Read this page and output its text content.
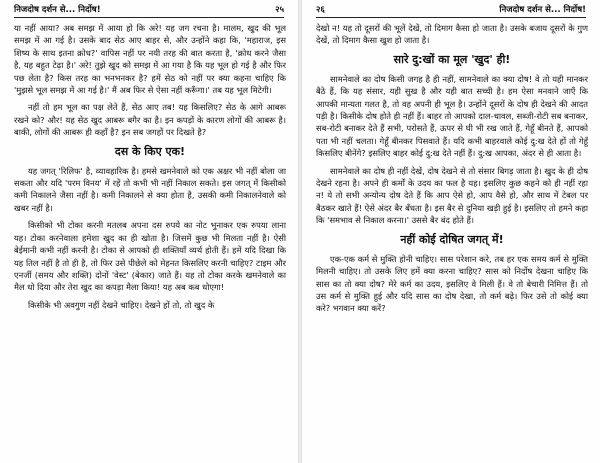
निजदोष दर्शन से... निर्दोष!	२५

या नहीं आया? अब समझ में आया हो कि अरे! यह जग रचना है। मालम, खुद की भूल समझ में आ गई है। उसके बाद सेठ आए बाहर से, और उन्होंने कहा कि, 'महाराज, इस शिष्य के साथ इतना क्रोध?' वापिस नहीं पर नयी तरह की बात करता है, 'क्रोध करने जैसा है, यह बहुत टेढ़ा है।' अरे! तुझे खुद को समझ में आ गया है कि यह भूल हो गई है और फिर पछ लेता है? किस तरह का भनभनकर है? हमें सेठ को नहीं पर क्या कहना चाहिए कि 'मुझसे भूल समझ में आ गई है।' मैं अब फिर से ऐसा नहीं करूँगा।' तब यह भूल मिटेगी।

नहीं तो हम भूल का पक्ष लेते हैं, सेठ आए तब! यह किसलिए? सेठ के आगे आबरू रखने को? और! यह सेठ खुद आबरू बगैर का है। इन कपड़ों के कारण लोगों की आबरू है। बाकी, लोगों की आबरू ही कहाँ है? इन सब जगहों पर दिखते है?

दस के किए एक!

यह जगत् 'रिलिफ' है, व्यावहारिक है। हमसे खमनेवाले को एक अक्षर भी नहीं बोला जा सकता और यदि 'परम विनय' में रहें तो कभी भी नहीं निकाल सकते। इस जगत् में किसीको कमी निकालने जैसा नहीं है। कमी निकालने से क्या होता है, उसकी कमी निकालनेवाले को खबर नहीं है।

किसीको भी टोका करनी मतलब अपना दस रुपये का नोट भुनाकर एक रुपया लाना यह। टोका करनेवाला हमेशा खुद का ही खोता है। जिसमें कुछ भी मिलता नहीं है। ऐसी बेईमानी कभी नहीं करनी है। टोका से आपको ही शक्तियाँ व्यर्थ होती हैं। हमें यदि दिखा कि यह तिल नहीं है तो ही है, तो फिर उसे पीछेले को मेहनत किसलिए करनी चाहिए? टाइम और एनर्जी (समय और शक्ति) दोनों 'वेस्ट' (बेकार) जाते हैं। यह तो टोका करके खमनेवाले का मैल धो दिया और तेरा खुद का कपड़ा मैला किया! यह अब कब धोएगा!

किसीके भी अवगुण नहीं देखने चाहिए। देखने हों तो, तो खुद के

२६	निजदोष दर्शन से... निर्दोष!

देखो न! यह तो दूसरों की भूलें देखें, तो दिमाग कैसा हो जाता है। उसके बजाय दूसरों के गुण देखें, तो दिमाग कैसा खुश हो जाता है।

सारे दु:खों का मूल 'खुद' ही!

सामनेवाले का दोष किसी जगह है ही नहीं, सामनेवाले का क्या दोष! वे तो यही मानकर बैठे हैं, कि यह संसार, यही सुख है और यही बात सच्ची है। हम ऐसा मनवाने जाएँ कि आपकी मान्यता गलत है, तो वह अपनी ही भूल है। उन्होंने दूसरों के दोष ही देखने की आदत पड़ी है। किसीके दोष होते ही नहीं हैं। बाहर तो आपको दाल-चावल, सब्जी-रोटी सब बनाकर, सब-रोटी बनाकर देते हैं सभी, परोसते हैं, ऊपर से घी भी रख जाते हैं, गेहूँ बीनते हैं, आपको पता भी नहीं चलता। गेहूँ बीनकर पिसवाते हैं। यदि कभी बाहरवाले कोई दु:ख देते हों तो गेहूँ किसलिए बीनेंगे? इसलिए बाहर कोई दु:ख देते नहीं हैं। दु:ख आपका, अंदर से ही आता है।

सामनेवाले का दोष ही नहीं देखें, दोष देखने से तो संसार बिगड़ जाता है। खुद के ही दोष देखने रहना है। अपने ही कर्मों के उदय का फल है यह। इसलिए कुछ कहने को ही नहीं रहा न! ये तो सभी अन्योन्य दोष देते हैं कि आप ऐसे हो, आप वैसे हो, और साथ में टेबल पर बैठकर खाते हैं! ऐसे अंदर बैर बँधता है। इस बैर से दुनिया खड़ी हुई है। इसलिए तो हमने कहा कि 'समभाव से निकाल करना।' उससे बैर बंद होते हैं।

नहीं कोई दोषित जगत् में!

एक-एक कर्म से मुक्ति होनी चाहिए। सास परेशान करे, तब हर एक समय कर्म से मुक्ति मिलनी चाहिए। तो उसके लिए हमें क्या करना चाहिए? सास को निर्दोष देखना चाहिए कि सास का तो क्या दोष? मेरे कर्म का उदय, इसलिए वे मिली हैं। वे तो बेचारी निमित्त हैं। तो उस कर्म से मुक्ति हुई और यदि सास का दोष देखा, तो कर्म बढ़े। फिर उसे तो कोई क्या करे? भगवान क्या करें?
